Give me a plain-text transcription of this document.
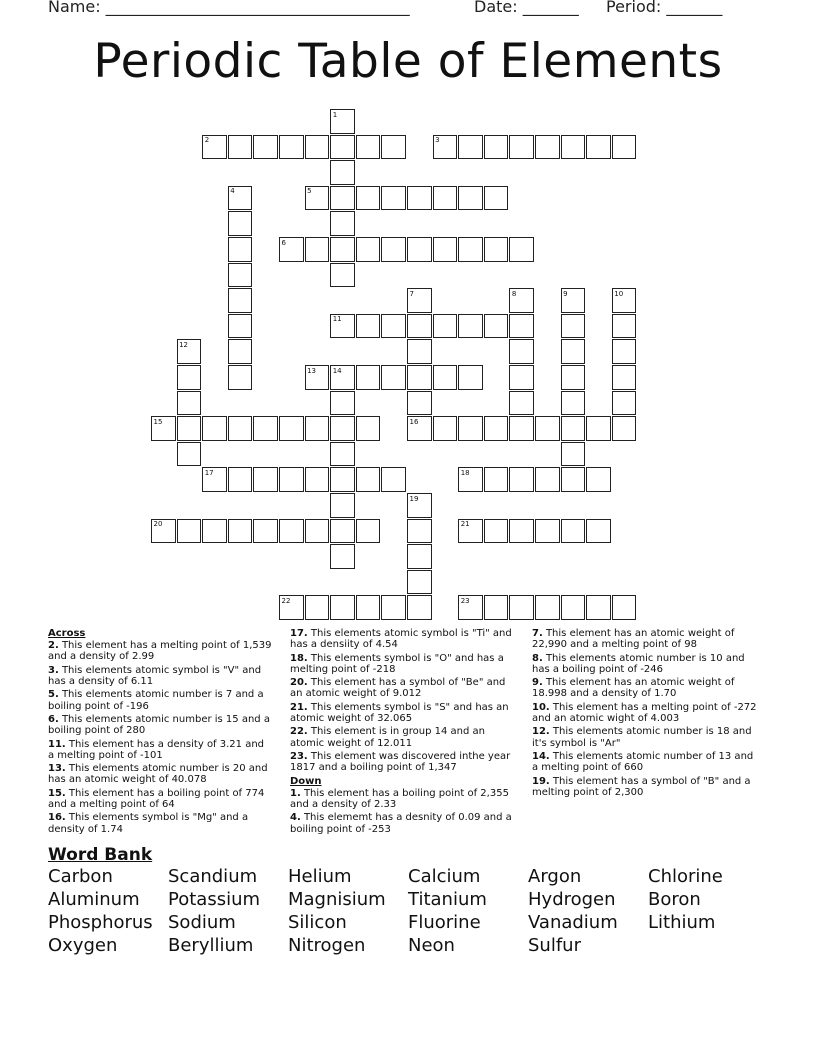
Name: ______________________________________	Date: _______ Period: _______
Periodic Table of Elements
2	3
5
6
11
13
15	16
17	18
20	21
22	23
1
4
7	8	9	10
12
14
19
Across
2. This element has a melting point of 1,539 and a density of 2.99
3. This elements atomic symbol is "V" and has a density of 6.11
5. This elements atomic number is 7 and a boiling point of -196
6. This elements atomic number is 15 and a boiling point of 280
11. This element has a density of 3.21 and a melting point of -101
13. This elements atomic number is 20 and has an atomic weight of 40.078
15. This element has a boiling point of 774 and a melting point of 64
16. This elements symbol is "Mg" and a density of 1.74
17. This elements atomic symbol is "Ti" and has a densiity of 4.54
18. This elements symbol is "O" and has a melting point of -218
20. This element has a symbol of "Be" and an atomic weight of 9.012
21. This elements symbol is "S" and has an atomic weight of 32.065
22. This element is in group 14 and an atomic weight of 12.011
23. This element was discovered inthe year 1817 and a boiling point of 1,347
Down
1. This element has a boiling point of 2,355 and a density of 2.33
4. This elememt has a desnity of 0.09 and a boiling point of -253
7. This element has an atomic weight of 22,990 and a melting point of 98
8. This elements atomic number is 10 and has a boiling point of -246
9. This element has an atomic weight of 18.998 and a density of 1.70
10. This element has a melting point of -272 and an atomic wight of 4.003
12. This elements atomic number is 18 and it's symbol is "Ar"
14. This elements atomic number of 13 and a melting point of 660
19. This element has a symbol of "B" and a melting point of 2,300
Word Bank
Carbon
Aluminum
Phosphorus
Oxygen
Scandium
Potassium
Sodium
Beryllium
Helium
Magnisium
Silicon
Nitrogen
Calcium
Titanium
Fluorine
Neon
Argon
Hydrogen
Vanadium
Sulfur
Chlorine
Boron
Lithium
